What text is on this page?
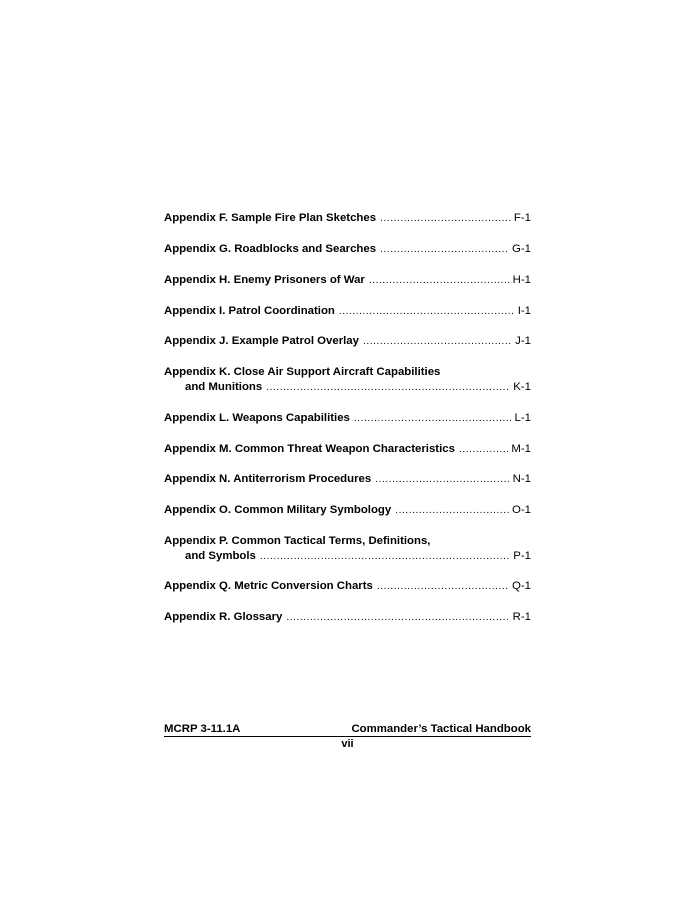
Appendix F. Sample Fire Plan Sketches .....	F-1
Appendix G. Roadblocks and Searches .....	G-1
Appendix H. Enemy Prisoners of War .....	H-1
Appendix I. Patrol Coordination .....	I-1
Appendix J. Example Patrol Overlay .....	J-1
Appendix K. Close Air Support Aircraft Capabilities
and Munitions .....	K-1
Appendix L. Weapons Capabilities .....	L-1
Appendix M. Common Threat Weapon Characteristics .....	M-1
Appendix N. Antiterrorism Procedures .....	N-1
Appendix O. Common Military Symbology .....	O-1
Appendix P. Common Tactical Terms, Definitions,
and Symbols .....	P-1
Appendix Q. Metric Conversion Charts .....	Q-1
Appendix R. Glossary .....	R-1
MCRP 3-11.1A	Commander’s Tactical Handbook
vii
